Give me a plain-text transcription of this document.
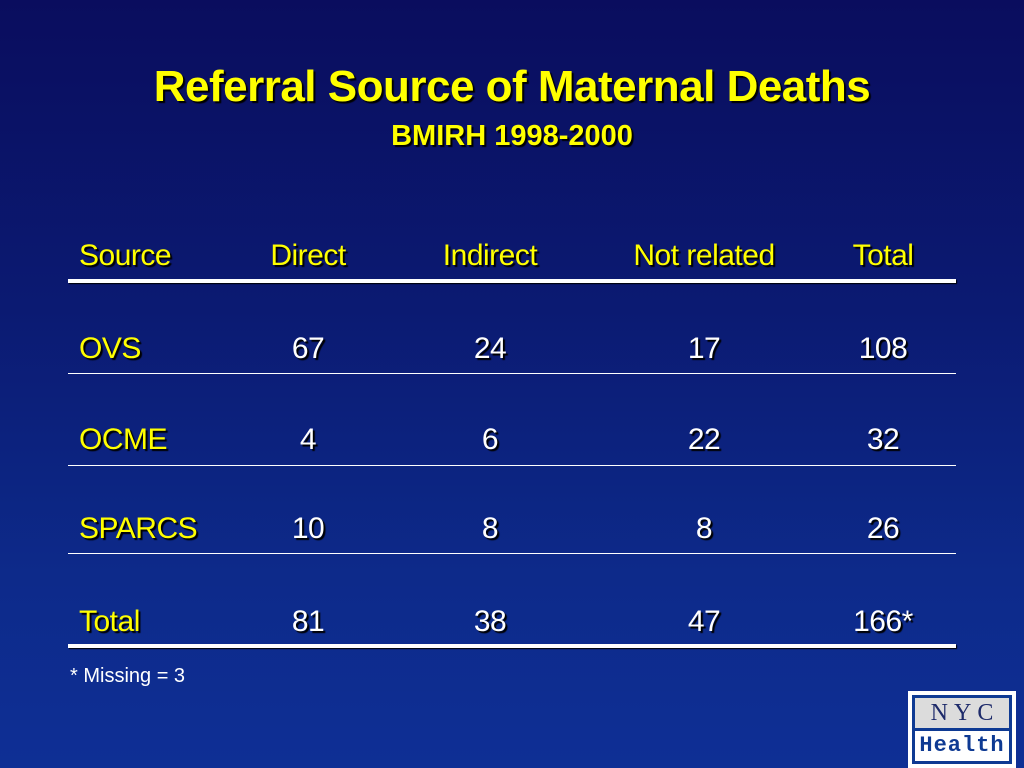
Referral Source of Maternal Deaths
BMIRH 1998-2000
Source	Direct	Indirect	Not related	Total
OVS	67	24	17	108
OCME	4	6	22	32
SPARCS	10	8	8	26
Total	81	38	47	166*
* Missing = 3
NYC
Health
